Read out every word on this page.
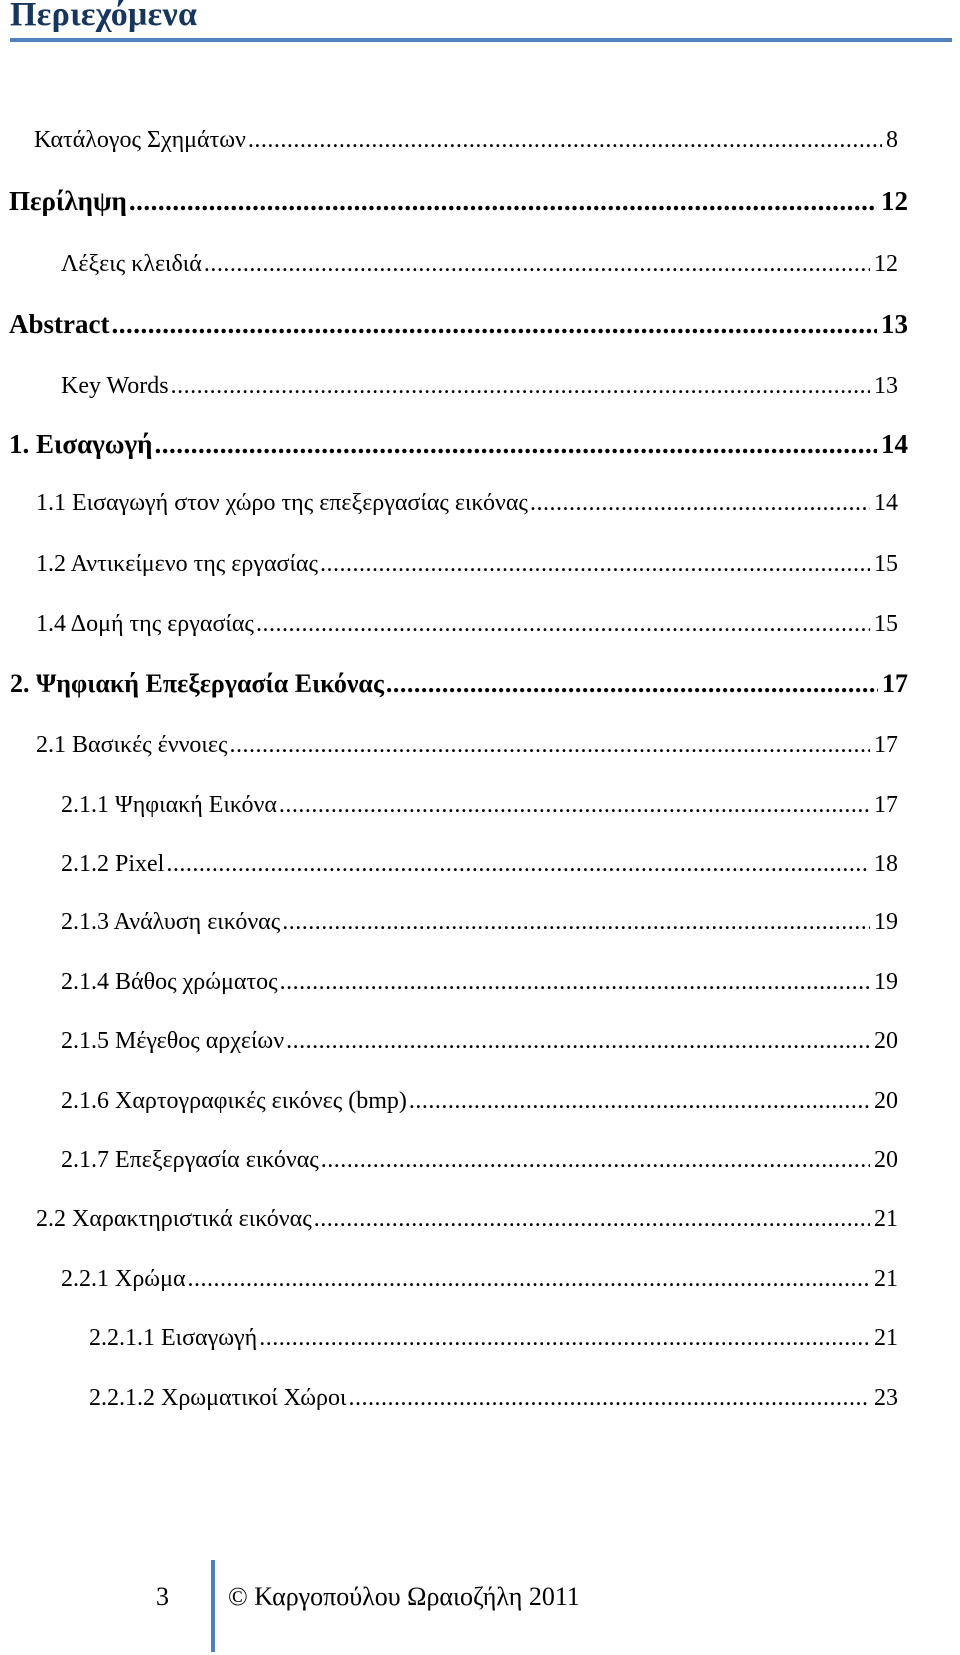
Περιεχόμενα
Κατάλογος Σχημάτων .....	8
Περίληψη .....	12
Λέξεις κλειδιά .....	12
Abstract .....	13
Key Words .....	13
1. Εισαγωγή .....	14
1.1 Εισαγωγή στον χώρο της επεξεργασίας εικόνας .....	14
1.2 Αντικείμενο της εργασίας .....	15
1.4 Δομή της εργασίας .....	15
2. Ψηφιακή Επεξεργασία Εικόνας .....	17
2.1 Βασικές έννοιες .....	17
2.1.1 Ψηφιακή Εικόνα .....	17
2.1.2 Pixel .....	18
2.1.3 Ανάλυση εικόνας .....	19
2.1.4 Βάθος χρώματος .....	19
2.1.5 Μέγεθος αρχείων .....	20
2.1.6 Χαρτογραφικές εικόνες (bmp) .....	20
2.1.7 Επεξεργασία εικόνας .....	20
2.2 Χαρακτηριστικά εικόνας .....	21
2.2.1 Χρώμα .....	21
2.2.1.1 Εισαγωγή .....	21
2.2.1.2 Χρωματικοί Χώροι .....	23
3 © Καργοπούλου Ωραιοζήλη 2011
